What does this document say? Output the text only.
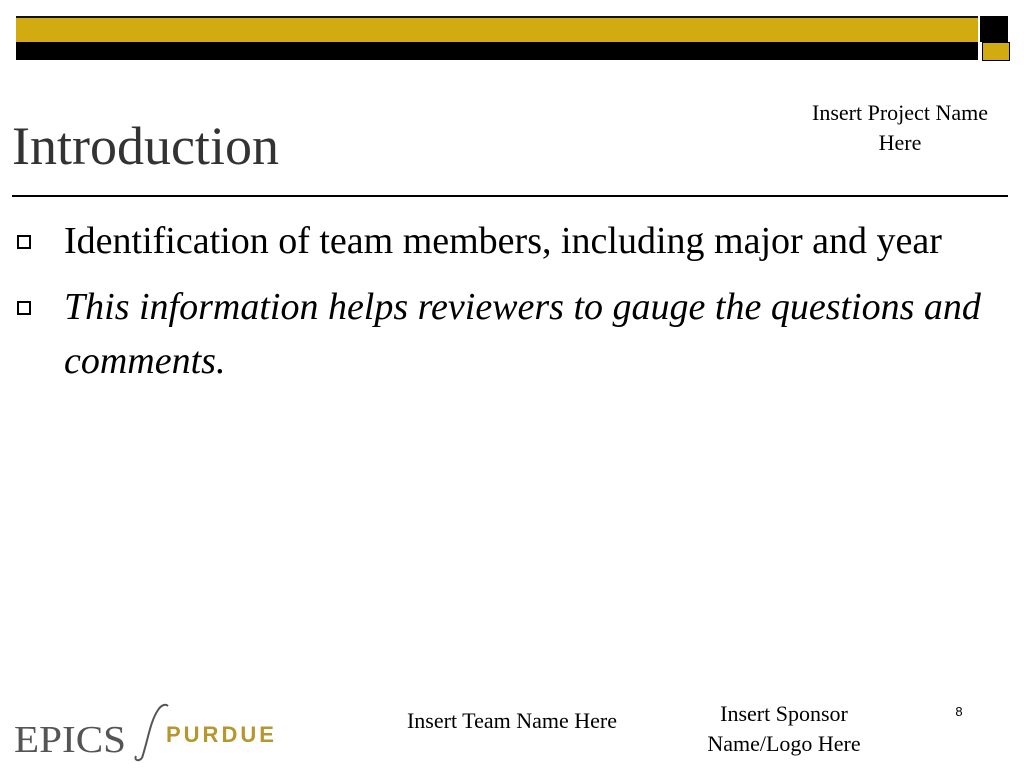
Introduction
Insert Project Name Here
Identification of team members, including major and year
This information helps reviewers to gauge the questions and comments.
EPICS PURDUE
Insert Team Name Here	Insert Sponsor Name/Logo Here
8
